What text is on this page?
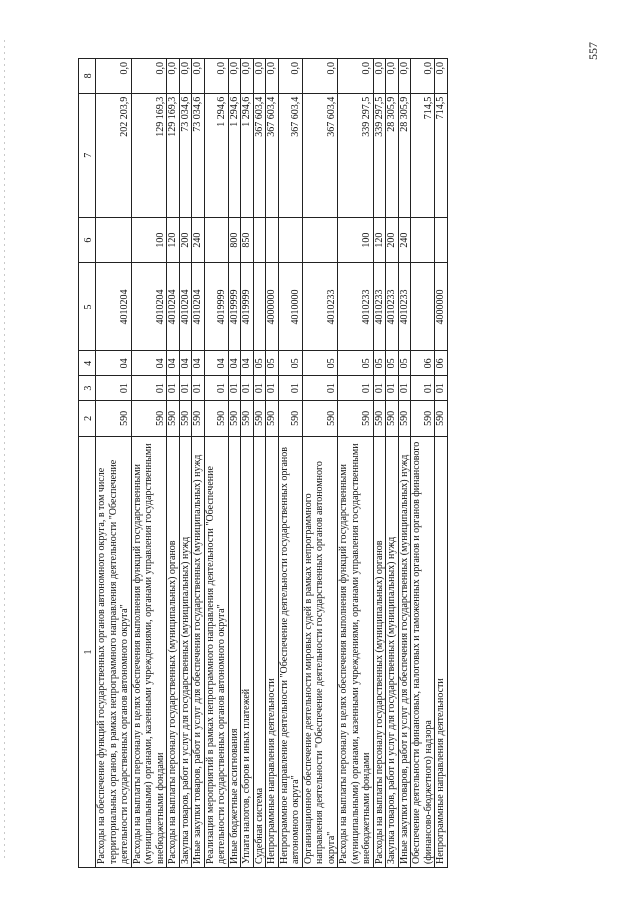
557
1	2	3	4	5	6	7	8
Расходы на обеспечение функций государственных органов автономного округа, в том числе территориальных органов, в рамках непрограммного направления деятельности "Обеспечение деятельности государственных органов автономного округа"	590	01	04	4010204		202 203,9	0,0
Расходы на выплаты персоналу в целях обеспечения выполнения функций государственными (муниципальными) органами, казенными учреждениями, органами управления государственными внебюджетными фондами	590	01	04	4010204	100	129 169,3	0,0
Расходы на выплаты персоналу государственных (муниципальных) органов	590	01	04	4010204	120	129 169,3	0,0
Закупка товаров, работ и услуг для государственных (муниципальных) нужд	590	01	04	4010204	200	73 034,6	0,0
Иные закупки товаров, работ и услуг для обеспечения государственных (муниципальных) нужд	590	01	04	4010204	240	73 034,6	0,0
Реализация мероприятий в рамках непрограммного направления деятельности "Обеспечение деятельности государственных органов автономного округа"	590	01	04	4019999		1 294,6	0,0
Иные бюджетные ассигнования	590	01	04	4019999	800	1 294,6	0,0
Уплата налогов, сборов и иных платежей	590	01	04	4019999	850	1 294,6	0,0
Судебная система	590	01	05			367 603,4	0,0
Непрограммные направления деятельности	590	01	05	4000000		367 603,4	0,0
Непрограммное направление деятельности "Обеспечение деятельности государственных органов автономного округа"	590	01	05	4010000		367 603,4	0,0
Организационное обеспечение деятельности мировых судей в рамках непрограммного направления деятельности "Обеспечение деятельности государственных органов автономного округа"	590	01	05	4010233		367 603,4	0,0
Расходы на выплаты персоналу в целях обеспечения выполнения функций государственными (муниципальными) органами, казенными учреждениями, органами управления государственными внебюджетными фондами	590	01	05	4010233	100	339 297,5	0,0
Расходы на выплаты персоналу государственных (муниципальных) органов	590	01	05	4010233	120	339 297,5	0,0
Закупка товаров, работ и услуг для государственных (муниципальных) нужд	590	01	05	4010233	200	28 305,9	0,0
Иные закупки товаров, работ и услуг для обеспечения государственных (муниципальных) нужд	590	01	05	4010233	240	28 305,9	0,0
Обеспечение деятельности финансовых, налоговых и таможенных органов и органов финансового (финансово-бюджетного) надзора	590	01	06			714,5	0,0
Непрограммные направления деятельности	590	01	06	4000000		714,5	0,0
